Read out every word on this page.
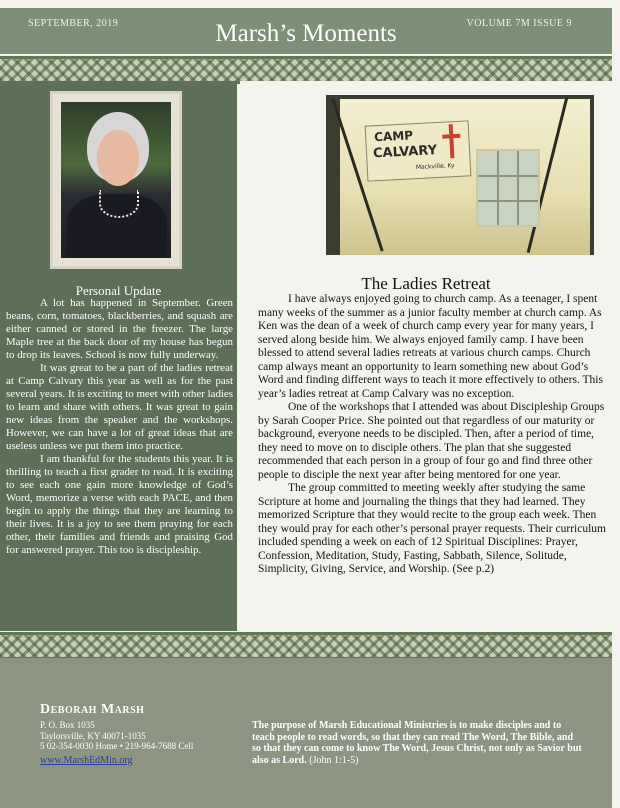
SEPTEMBER, 2019	Marsh’s Moments	VOLUME 7M ISSUE 9
Personal Update

A lot has happened in September. Green beans, corn, tomatoes, blackberries, and squash are either canned or stored in the freezer. The large Maple tree at the back door of my house has begun to drop its leaves. School is now fully underway.

It was great to be a part of the ladies retreat at Camp Calvary this year as well as for the past several years. It is exciting to meet with other ladies to learn and share with others. It was great to gain new ideas from the speaker and the workshops. However, we can have a lot of great ideas that are useless unless we put them into practice.

I am thankful for the students this year. It is thrilling to teach a first grader to read. It is exciting to see each one gain more knowledge of God’s Word, memorize a verse with each PACE, and then begin to apply the things that they are learning to their lives. It is a joy to see them praying for each other, their families and friends and praising God for answered prayer. This too is discipleship.

CAMP
CALVARY
Mackville, Ky
The Ladies Retreat

I have always enjoyed going to church camp. As a teenager, I spent many weeks of the summer as a junior faculty member at church camp. As Ken was the dean of a week of church camp every year for many years, I served along beside him. We always enjoyed family camp. I have been blessed to attend several ladies retreats at various church camps. Church camp always meant an opportunity to learn something new about God’s Word and finding different ways to teach it more effectively to others. This year’s ladies retreat at Camp Calvary was no exception.

One of the workshops that I attended was about Discipleship Groups by Sarah Cooper Price. She pointed out that regardless of our maturity or background, everyone needs to be discipled. Then, after a period of time, they need to move on to disciple others. The plan that she suggested recommended that each person in a group of four go and find three other people to disciple the next year after being mentored for one year.

The group committed to meeting weekly after studying the same Scripture at home and journaling the things that they had learned. They memorized Scripture that they would recite to the group each week. Then they would pray for each other’s personal prayer requests. Their curriculum included spending a week on each of 12 Spiritual Disciplines: Prayer, Confession, Meditation, Study, Fasting, Sabbath, Silence, Solitude, Simplicity, Giving, Service, and Worship. (See p.2)

Deborah Marsh
P. O. Box 1035
Taylorsville, KY 40071-1035
5 02-354-0030 Home • 219-964-7688 Cell
www.MarshEdMin.org
The purpose of Marsh Educational Ministries is to make disciples and to teach people to read words, so that they can read The Word, The Bible, and so that they can come to know The Word, Jesus Christ, not only as Savior but also as Lord. (John 1:1-5)
